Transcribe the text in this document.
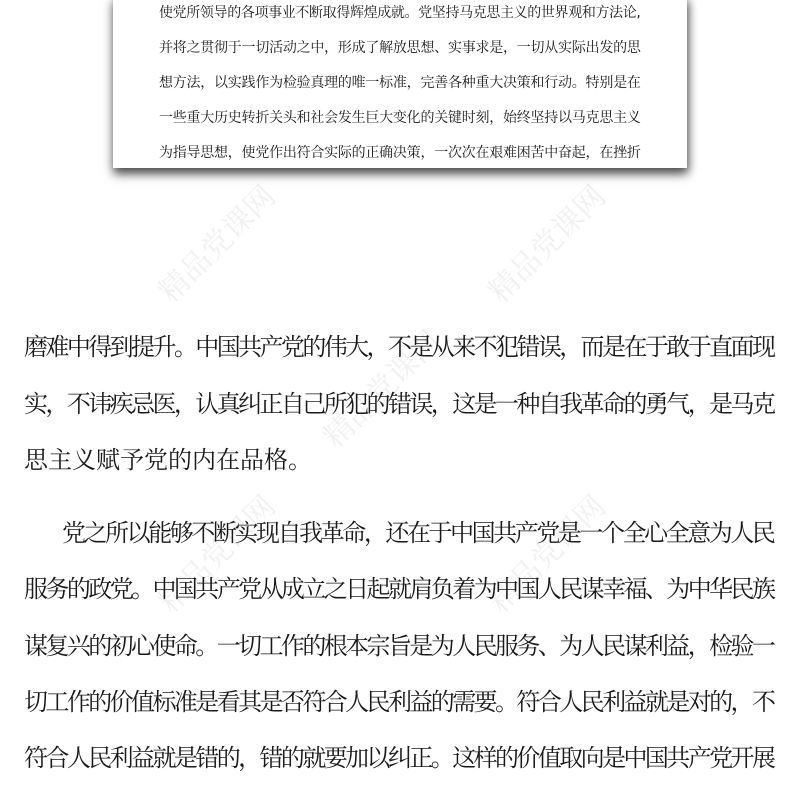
使党所领导的各项事业不断取得辉煌成就。党坚持马克思主义的世界观和方法论,
并将之贯彻于一切活动之中，形成了解放思想、实事求是，一切从实际出发的思
想方法，以实践作为检验真理的唯一标准，完善各种重大决策和行动。特别是在
一些重大历史转折关头和社会发生巨大变化的关键时刻，始终坚持以马克思主义
为指导思想，使党作出符合实际的正确决策，一次次在艰难困苦中奋起，在挫折
精品党课网	精品党课网
精品党课网
精品党课网	精品党课网
磨难中得到提升。中国共产党的伟大，不是从来不犯错误，而是在于敢于直面现
实，不讳疾忌医，认真纠正自己所犯的错误，这是一种自我革命的勇气，是马克
思主义赋予党的内在品格。
党之所以能够不断实现自我革命，还在于中国共产党是一个全心全意为人民
服务的政党。中国共产党从成立之日起就肩负着为中国人民谋幸福、为中华民族
谋复兴的初心使命。一切工作的根本宗旨是为人民服务、为人民谋利益，检验一
切工作的价值标准是看其是否符合人民利益的需要。符合人民利益就是对的，不
符合人民利益就是错的，错的就要加以纠正。这样的价值取向是中国共产党开展
